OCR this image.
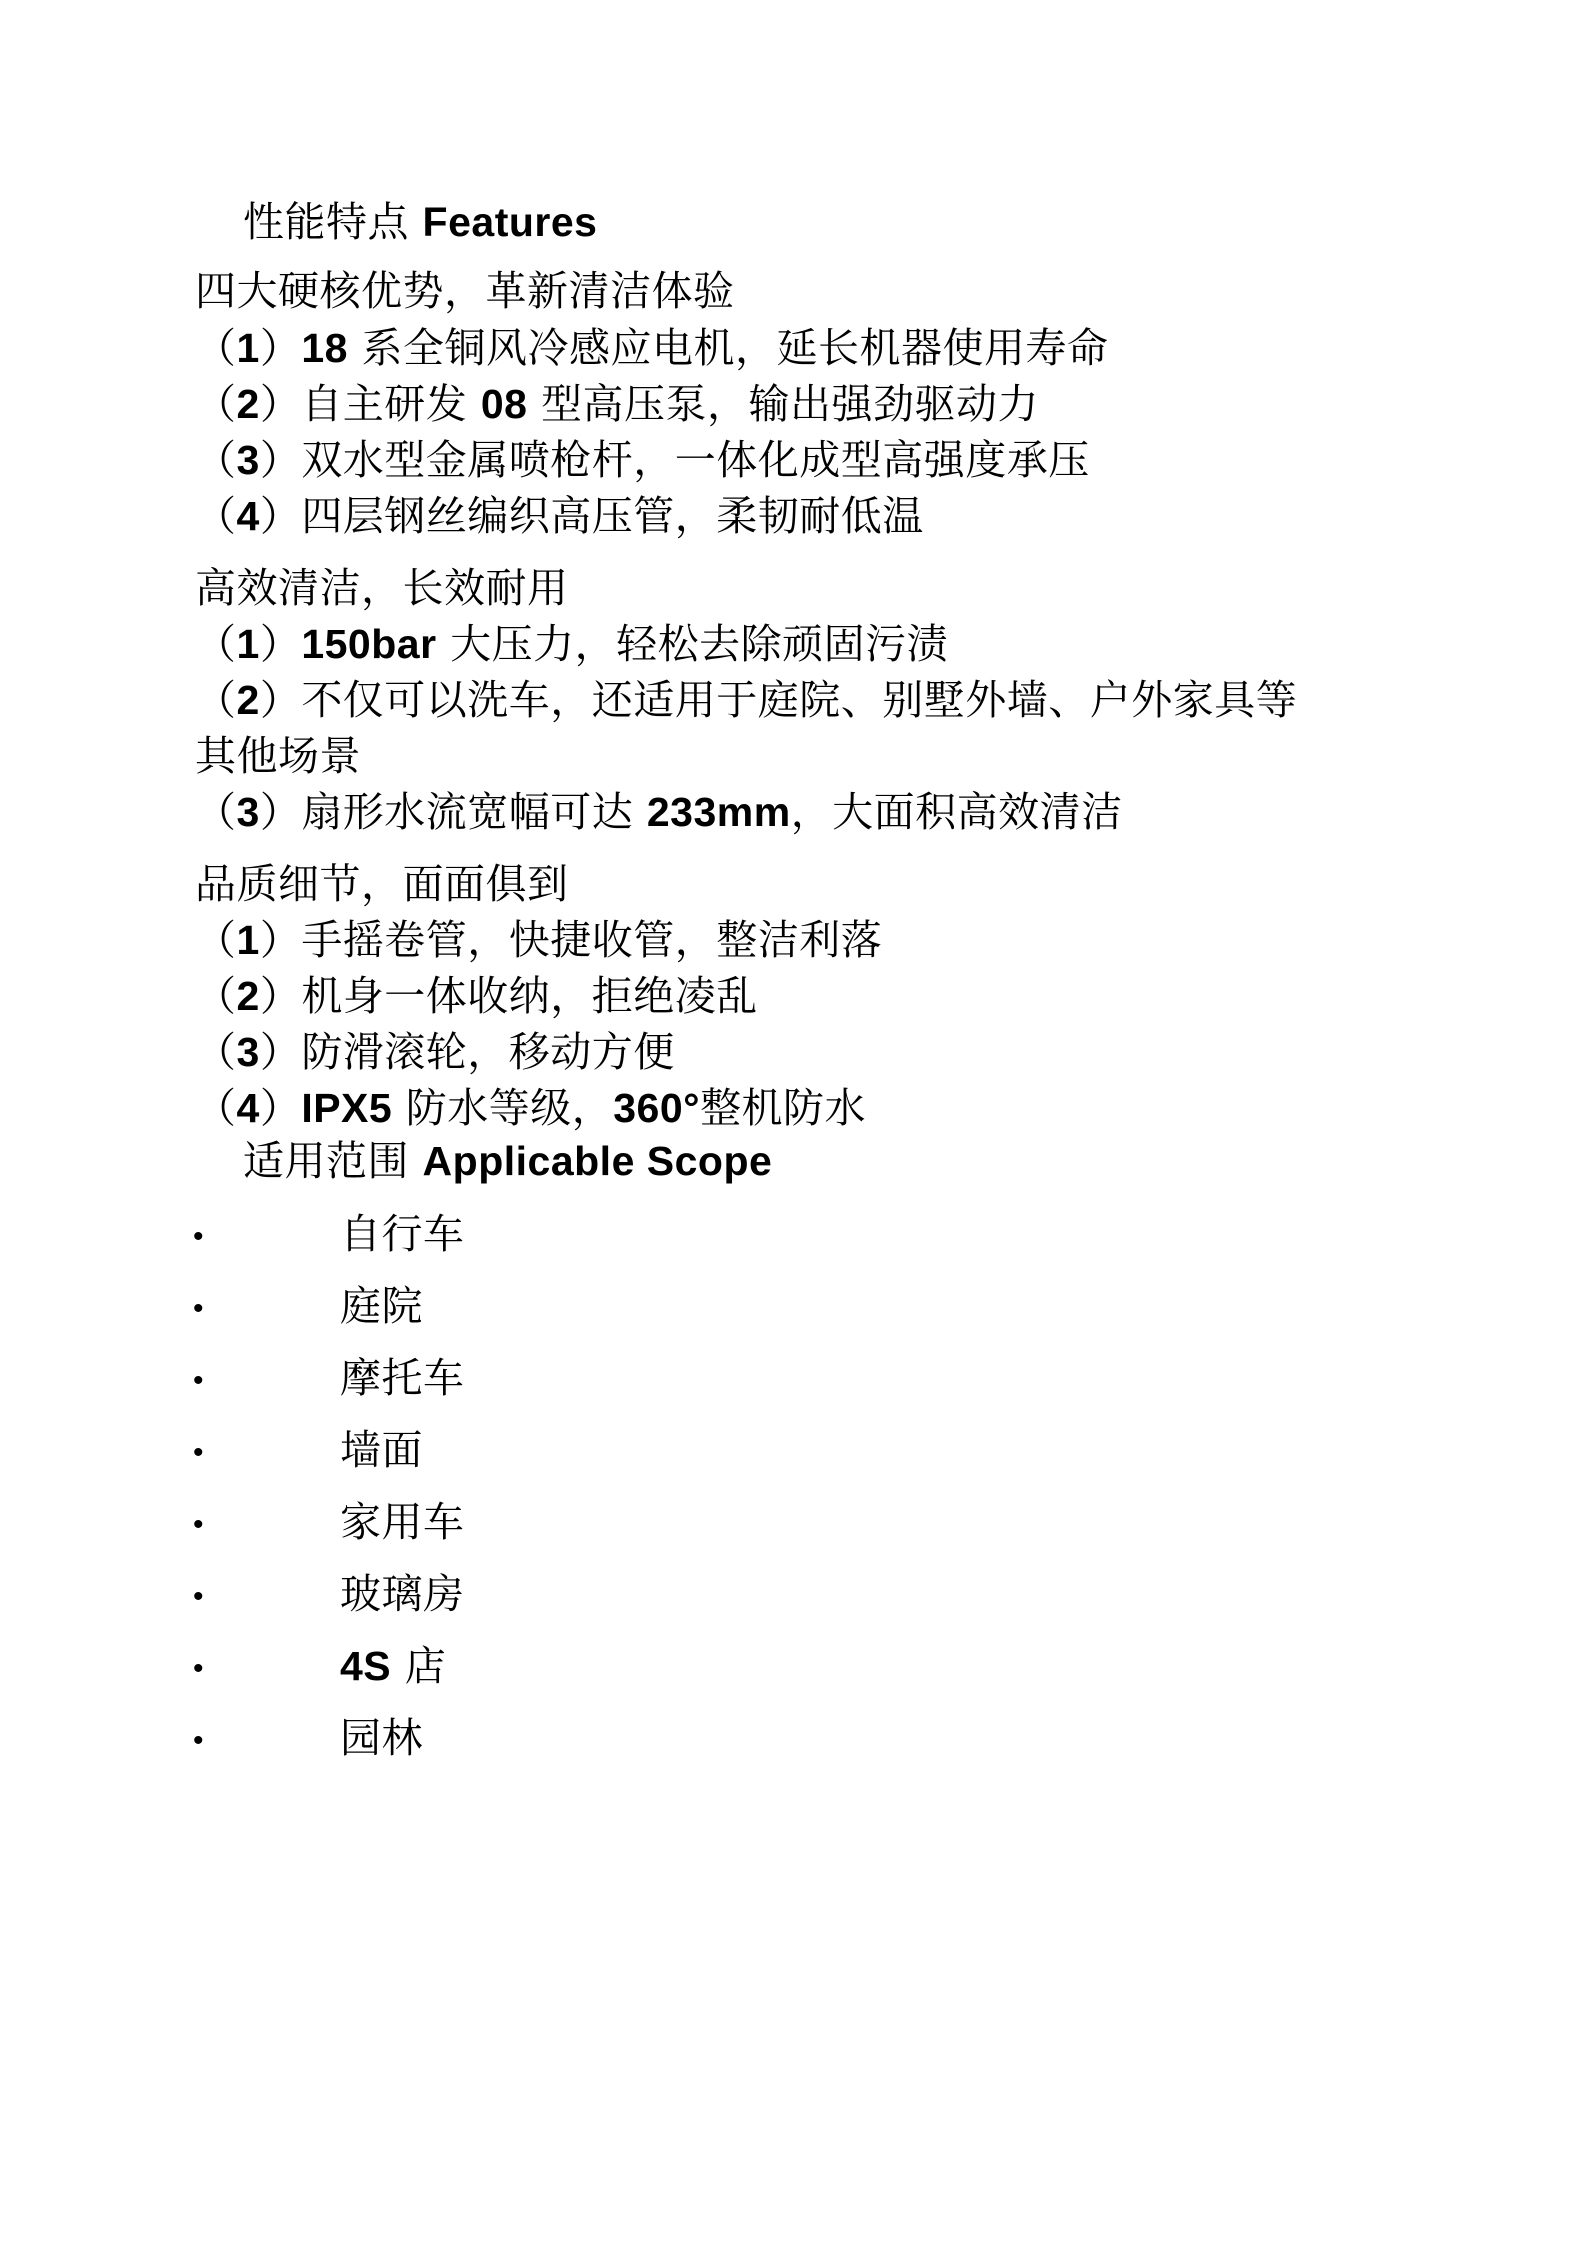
性能特点 Features
四大硬核优势，革新清洁体验
（1）18 系全铜风冷感应电机，延长机器使用寿命
（2）自主研发 08 型高压泵，输出强劲驱动力
（3）双水型金属喷枪杆，一体化成型高强度承压
（4）四层钢丝编织高压管，柔韧耐低温
高效清洁，长效耐用
（1）150bar 大压力，轻松去除顽固污渍
（2）不仅可以洗车，还适用于庭院、别墅外墙、户外家具等
其他场景
（3）扇形水流宽幅可达 233mm，大面积高效清洁
品质细节，面面俱到
（1）手摇卷管，快捷收管，整洁利落
（2）机身一体收纳，拒绝凌乱
（3）防滑滚轮，移动方便
（4）IPX5 防水等级，360°整机防水
适用范围 Applicable Scope
•	自行车
•	庭院
•	摩托车
•	墙面
•	家用车
•	玻璃房
•	4S 店
•	园林
